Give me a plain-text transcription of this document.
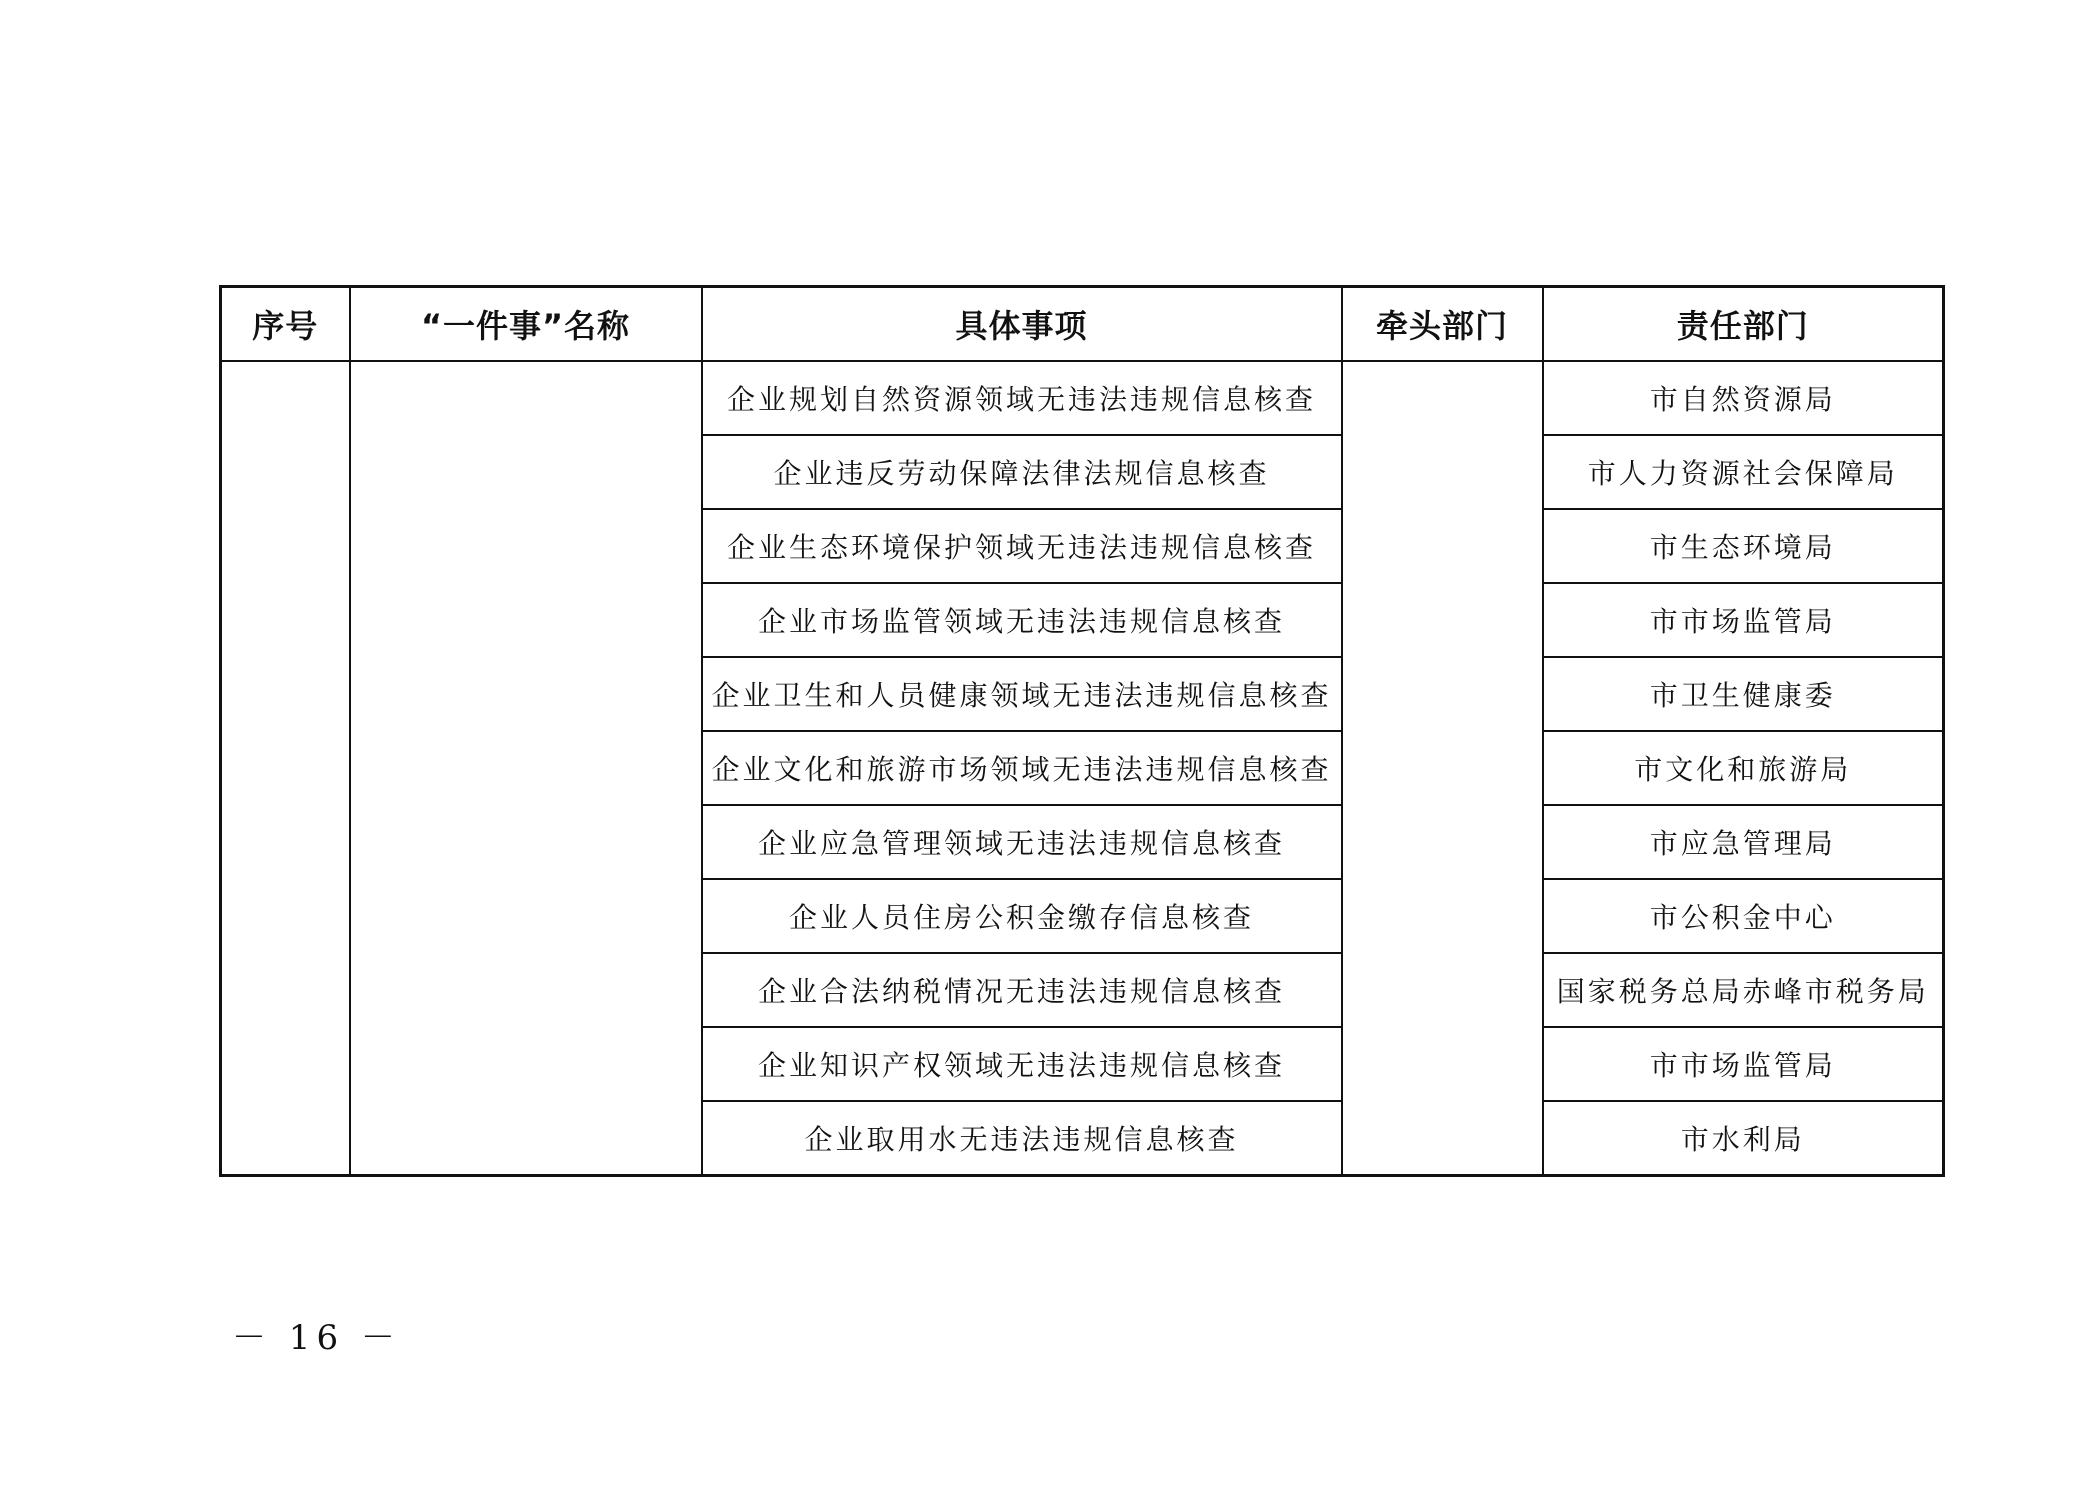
序号	“一件事”名称	具体事项	牵头部门	责任部门
		企业规划自然资源领域无违法违规信息核查		市自然资源局
		企业违反劳动保障法律法规信息核查		市人力资源社会保障局
		企业生态环境保护领域无违法违规信息核查		市生态环境局
		企业市场监管领域无违法违规信息核查		市市场监管局
		企业卫生和人员健康领域无违法违规信息核查		市卫生健康委
		企业文化和旅游市场领域无违法违规信息核查		市文化和旅游局
		企业应急管理领域无违法违规信息核查		市应急管理局
		企业人员住房公积金缴存信息核查		市公积金中心
		企业合法纳税情况无违法违规信息核查		国家税务总局赤峰市税务局
		企业知识产权领域无违法违规信息核查		市市场监管局
		企业取用水无违法违规信息核查		市水利局
－ 16 －
